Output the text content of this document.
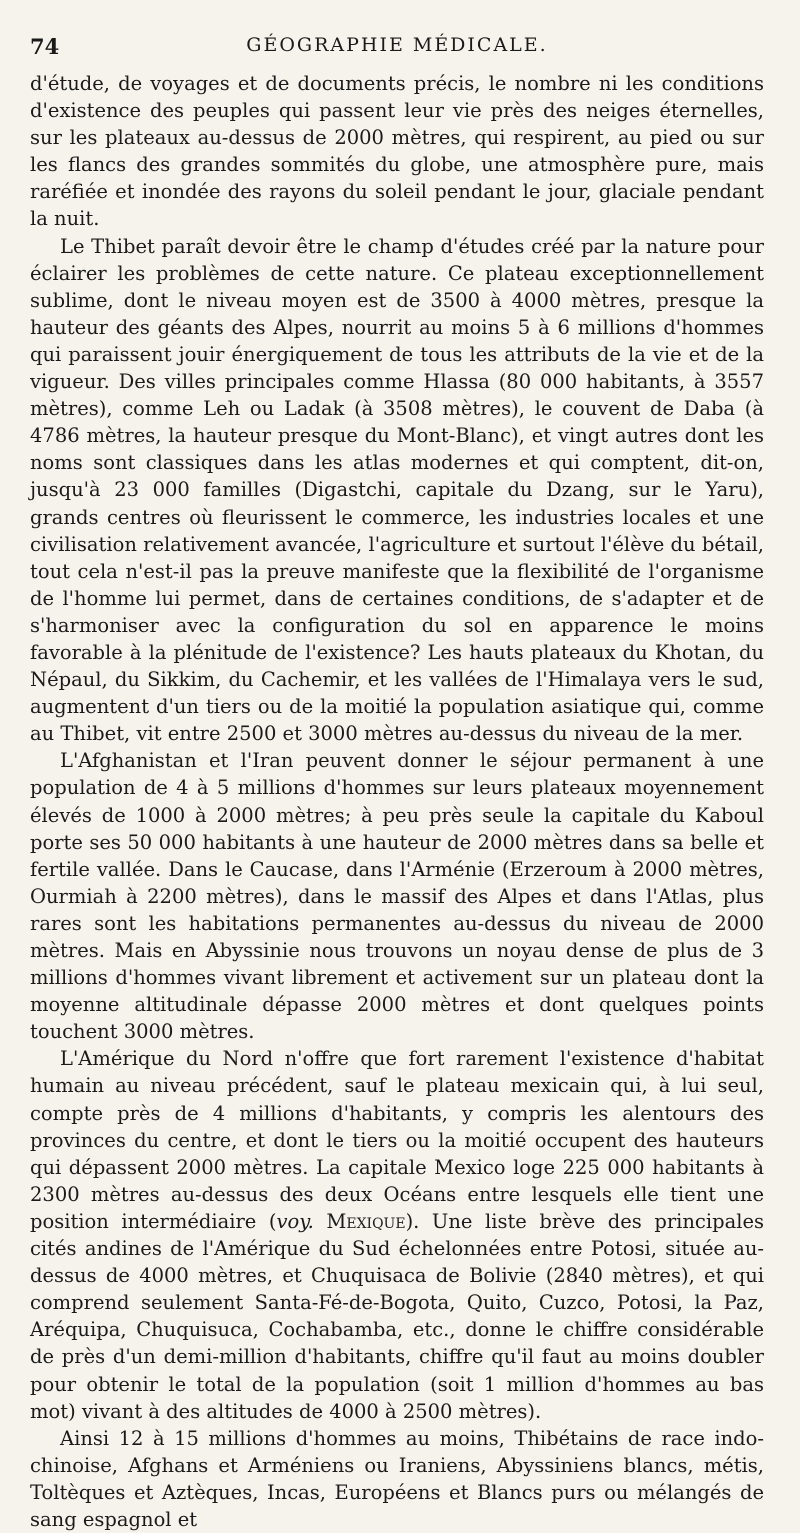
74	GÉOGRAPHIE MÉDICALE.

d'étude, de voyages et de documents précis, le nombre ni les conditions d'existence des peuples qui passent leur vie près des neiges éternelles, sur les plateaux au-dessus de 2000 mètres, qui respirent, au pied ou sur les flancs des grandes sommités du globe, une atmosphère pure, mais raréfiée et inondée des rayons du soleil pendant le jour, glaciale pendant la nuit.

Le Thibet paraît devoir être le champ d'études créé par la nature pour éclairer les problèmes de cette nature. Ce plateau exceptionnellement sublime, dont le niveau moyen est de 3500 à 4000 mètres, presque la hauteur des géants des Alpes, nourrit au moins 5 à 6 millions d'hommes qui paraissent jouir énergiquement de tous les attributs de la vie et de la vigueur. Des villes principales comme Hlassa (80 000 habitants, à 3557 mètres), comme Leh ou Ladak (à 3508 mètres), le couvent de Daba (à 4786 mètres, la hauteur presque du Mont-Blanc), et vingt autres dont les noms sont classiques dans les atlas modernes et qui comptent, dit-on, jusqu'à 23 000 familles (Digastchi, capitale du Dzang, sur le Yaru), grands centres où fleurissent le commerce, les industries locales et une civilisation relativement avancée, l'agriculture et surtout l'élève du bétail, tout cela n'est-il pas la preuve manifeste que la flexibilité de l'organisme de l'homme lui permet, dans de certaines conditions, de s'adapter et de s'harmoniser avec la configuration du sol en apparence le moins favorable à la plénitude de l'existence? Les hauts plateaux du Khotan, du Népaul, du Sikkim, du Cachemir, et les vallées de l'Himalaya vers le sud, augmentent d'un tiers ou de la moitié la population asiatique qui, comme au Thibet, vit entre 2500 et 3000 mètres au-dessus du niveau de la mer.

L'Afghanistan et l'Iran peuvent donner le séjour permanent à une population de 4 à 5 millions d'hommes sur leurs plateaux moyennement élevés de 1000 à 2000 mètres; à peu près seule la capitale du Kaboul porte ses 50 000 habitants à une hauteur de 2000 mètres dans sa belle et fertile vallée. Dans le Caucase, dans l'Arménie (Erzeroum à 2000 mètres, Ourmiah à 2200 mètres), dans le massif des Alpes et dans l'Atlas, plus rares sont les habitations permanentes au-dessus du niveau de 2000 mètres. Mais en Abyssinie nous trouvons un noyau dense de plus de 3 millions d'hommes vivant librement et activement sur un plateau dont la moyenne altitudinale dépasse 2000 mètres et dont quelques points touchent 3000 mètres.

L'Amérique du Nord n'offre que fort rarement l'existence d'habitat humain au niveau précédent, sauf le plateau mexicain qui, à lui seul, compte près de 4 millions d'habitants, y compris les alentours des provinces du centre, et dont le tiers ou la moitié occupent des hauteurs qui dépassent 2000 mètres. La capitale Mexico loge 225 000 habitants à 2300 mètres au-dessus des deux Océans entre lesquels elle tient une position intermédiaire (voy. Mexique). Une liste brève des principales cités andines de l'Amérique du Sud échelonnées entre Potosi, située au-dessus de 4000 mètres, et Chuquisaca de Bolivie (2840 mètres), et qui comprend seulement Santa-Fé-de-Bogota, Quito, Cuzco, Potosi, la Paz, Aréquipa, Chuquisuca, Cochabamba, etc., donne le chiffre considérable de près d'un demi-million d'habitants, chiffre qu'il faut au moins doubler pour obtenir le total de la population (soit 1 million d'hommes au bas mot) vivant à des altitudes de 4000 à 2500 mètres).

Ainsi 12 à 15 millions d'hommes au moins, Thibétains de race indo-chinoise, Afghans et Arméniens ou Iraniens, Abyssiniens blancs, métis, Toltèques et Aztèques, Incas, Européens et Blancs purs ou mélangés de sang espagnol et
